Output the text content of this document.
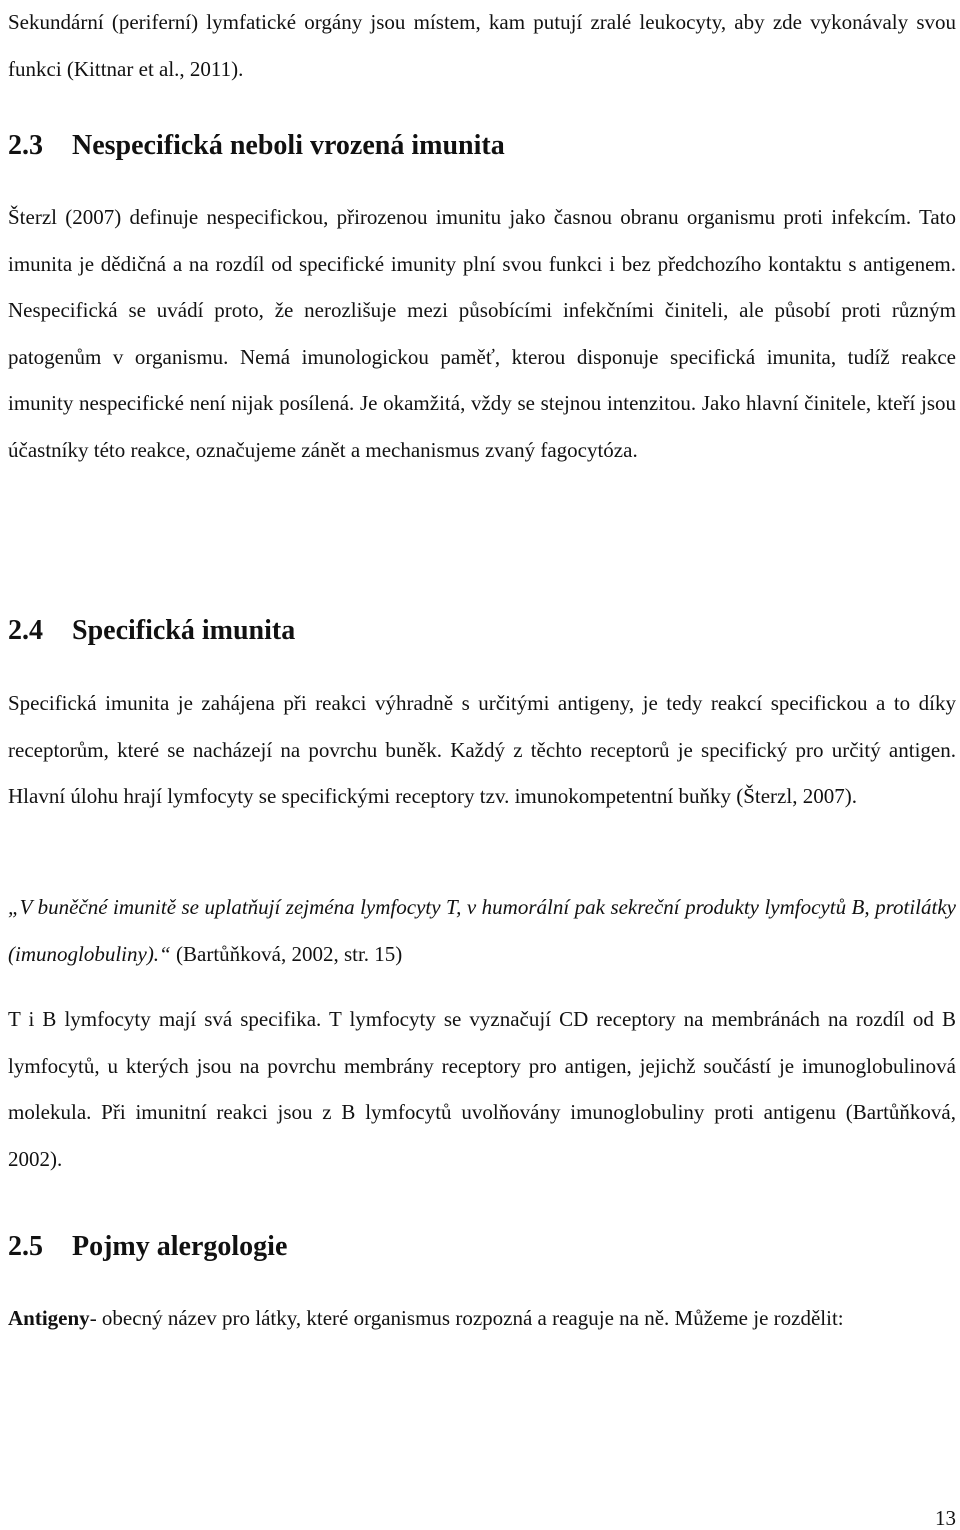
Sekundární (periferní) lymfatické orgány jsou místem, kam putují zralé leukocyty, aby zde vykonávaly svou funkci (Kittnar et al., 2011).

2.3 Nespecifická neboli vrozená imunita

Šterzl (2007) definuje nespecifickou, přirozenou imunitu jako časnou obranu organismu proti infekcím. Tato imunita je dědičná a na rozdíl od specifické imunity plní svou funkci i bez předchozího kontaktu s antigenem. Nespecifická se uvádí proto, že nerozlišuje mezi působícími infekčními činiteli, ale působí proti různým patogenům v organismu. Nemá imunologickou paměť, kterou disponuje specifická imunita, tudíž reakce imunity nespecifické není nijak posílená. Je okamžitá, vždy se stejnou intenzitou. Jako hlavní činitele, kteří jsou účastníky této reakce, označujeme zánět a mechanismus zvaný fagocytóza.

2.4 Specifická imunita

Specifická imunita je zahájena při reakci výhradně s určitými antigeny, je tedy reakcí specifickou a to díky receptorům, které se nacházejí na povrchu buněk. Každý z těchto receptorů je specifický pro určitý antigen. Hlavní úlohu hrají lymfocyty se specifickými receptory tzv. imunokompetentní buňky (Šterzl, 2007).

„V buněčné imunitě se uplatňují zejména lymfocyty T, v humorální pak sekreční produkty lymfocytů B, protilátky (imunoglobuliny).“ (Bartůňková, 2002, str. 15)

T i B lymfocyty mají svá specifika. T lymfocyty se vyznačují CD receptory na membránách na rozdíl od B lymfocytů, u kterých jsou na povrchu membrány receptory pro antigen, jejichž součástí je imunoglobulinová molekula. Při imunitní reakci jsou z B lymfocytů uvolňovány imunoglobuliny proti antigenu (Bartůňková, 2002).

2.5 Pojmy alergologie

Antigeny- obecný název pro látky, které organismus rozpozná a reaguje na ně. Můžeme je rozdělit:

13
